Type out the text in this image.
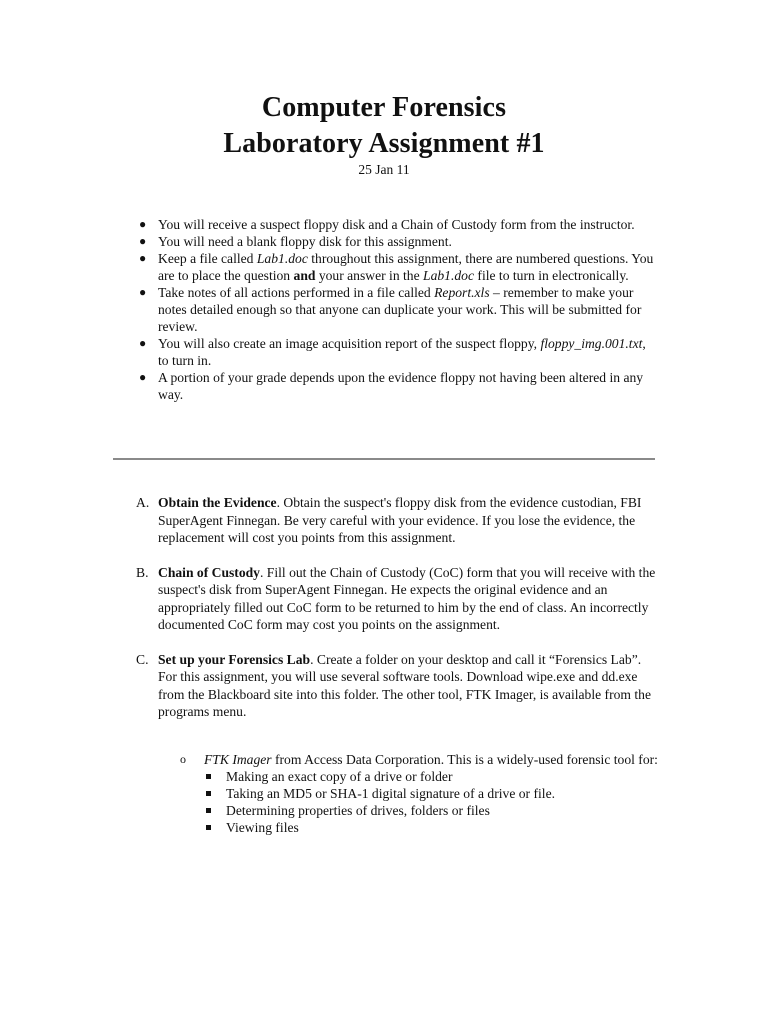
Computer Forensics
Laboratory Assignment #1
25 Jan 11
● You will receive a suspect floppy disk and a Chain of Custody form from the instructor.
● You will need a blank floppy disk for this assignment.
● Keep a file called Lab1.doc throughout this assignment, there are numbered questions. You are to place the question and your answer in the Lab1.doc file to turn in electronically.
● Take notes of all actions performed in a file called Report.xls – remember to make your notes detailed enough so that anyone can duplicate your work. This will be submitted for review.
● You will also create an image acquisition report of the suspect floppy, floppy_img.001.txt, to turn in.
● A portion of your grade depends upon the evidence floppy not having been altered in any way.
A. Obtain the Evidence. Obtain the suspect's floppy disk from the evidence custodian, FBI SuperAgent Finnegan. Be very careful with your evidence. If you lose the evidence, the replacement will cost you points from this assignment.
B. Chain of Custody. Fill out the Chain of Custody (CoC) form that you will receive with the suspect's disk from SuperAgent Finnegan. He expects the original evidence and an appropriately filled out CoC form to be returned to him by the end of class. An incorrectly documented CoC form may cost you points on the assignment.
C. Set up your Forensics Lab. Create a folder on your desktop and call it “Forensics Lab”. For this assignment, you will use several software tools. Download wipe.exe and dd.exe from the Blackboard site into this folder. The other tool, FTK Imager, is available from the programs menu.
o FTK Imager from Access Data Corporation. This is a widely-used forensic tool for:
Making an exact copy of a drive or folder
Taking an MD5 or SHA-1 digital signature of a drive or file.
Determining properties of drives, folders or files
Viewing files
